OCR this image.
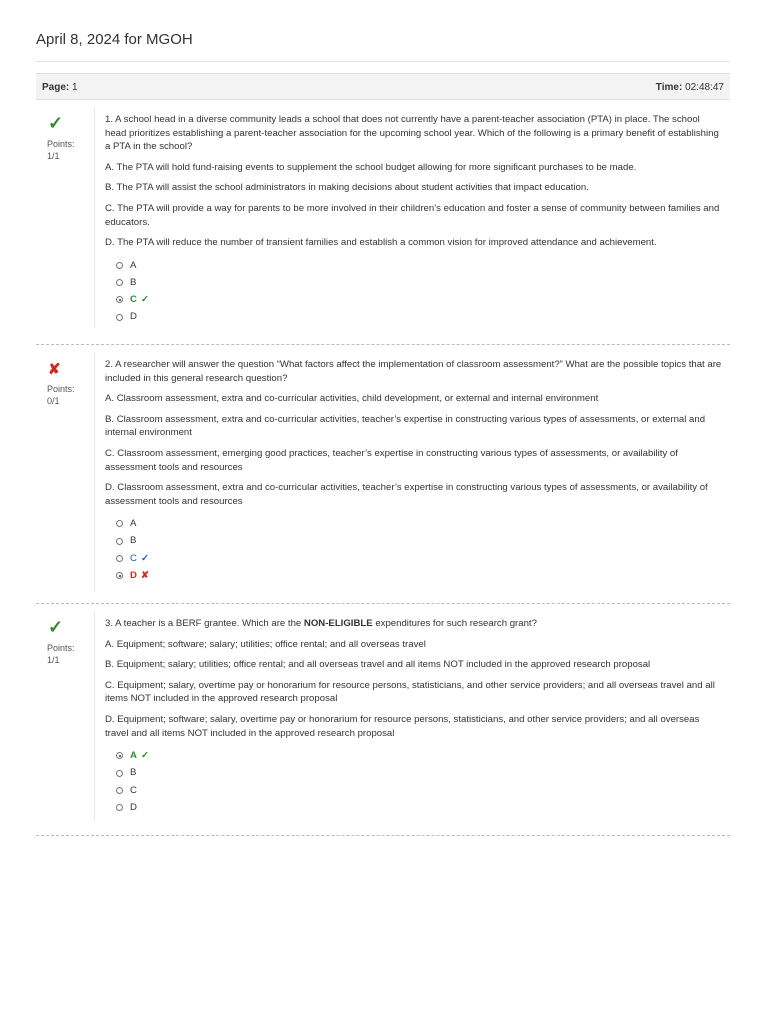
April 8, 2024 for MGOH
Page: 1	Time: 02:48:47
✓
Points:
1/1

1. A school head in a diverse community leads a school that does not currently have a parent-teacher association (PTA) in place. The school head prioritizes establishing a parent-teacher association for the upcoming school year. Which of the following is a primary benefit of establishing a PTA in the school?

A. The PTA will hold fund-raising events to supplement the school budget allowing for more significant purchases to be made.

B. The PTA will assist the school administrators in making decisions about student activities that impact education.

C. The PTA will provide a way for parents to be more involved in their children’s education and foster a sense of community between families and educators.

D. The PTA will reduce the number of transient families and establish a common vision for improved attendance and achievement.

A
B
C ✓
D
✘
Points:
0/1

2. A researcher will answer the question “What factors affect the implementation of classroom assessment?” What are the possible topics that are included in this general research question?

A. Classroom assessment, extra and co-curricular activities, child development, or external and internal environment

B. Classroom assessment, extra and co-curricular activities, teacher’s expertise in constructing various types of assessments, or external and internal environment

C. Classroom assessment, emerging good practices, teacher’s expertise in constructing various types of assessments, or availability of assessment tools and resources

D. Classroom assessment, extra and co-curricular activities, teacher’s expertise in constructing various types of assessments, or availability of assessment tools and resources

A
B
C ✓
D ✘
✓
Points:
1/1

3. A teacher is a BERF grantee. Which are the NON-ELIGIBLE expenditures for such research grant?

A. Equipment; software; salary; utilities; office rental; and all overseas travel

B. Equipment; salary; utilities; office rental; and all overseas travel and all items NOT included in the approved research proposal

C. Equipment; salary, overtime pay or honorarium for resource persons, statisticians, and other service providers; and all overseas travel and all items NOT included in the approved research proposal

D. Equipment; software; salary, overtime pay or honorarium for resource persons, statisticians, and other service providers; and all overseas travel and all items NOT included in the approved research proposal

A ✓
B
C
D
